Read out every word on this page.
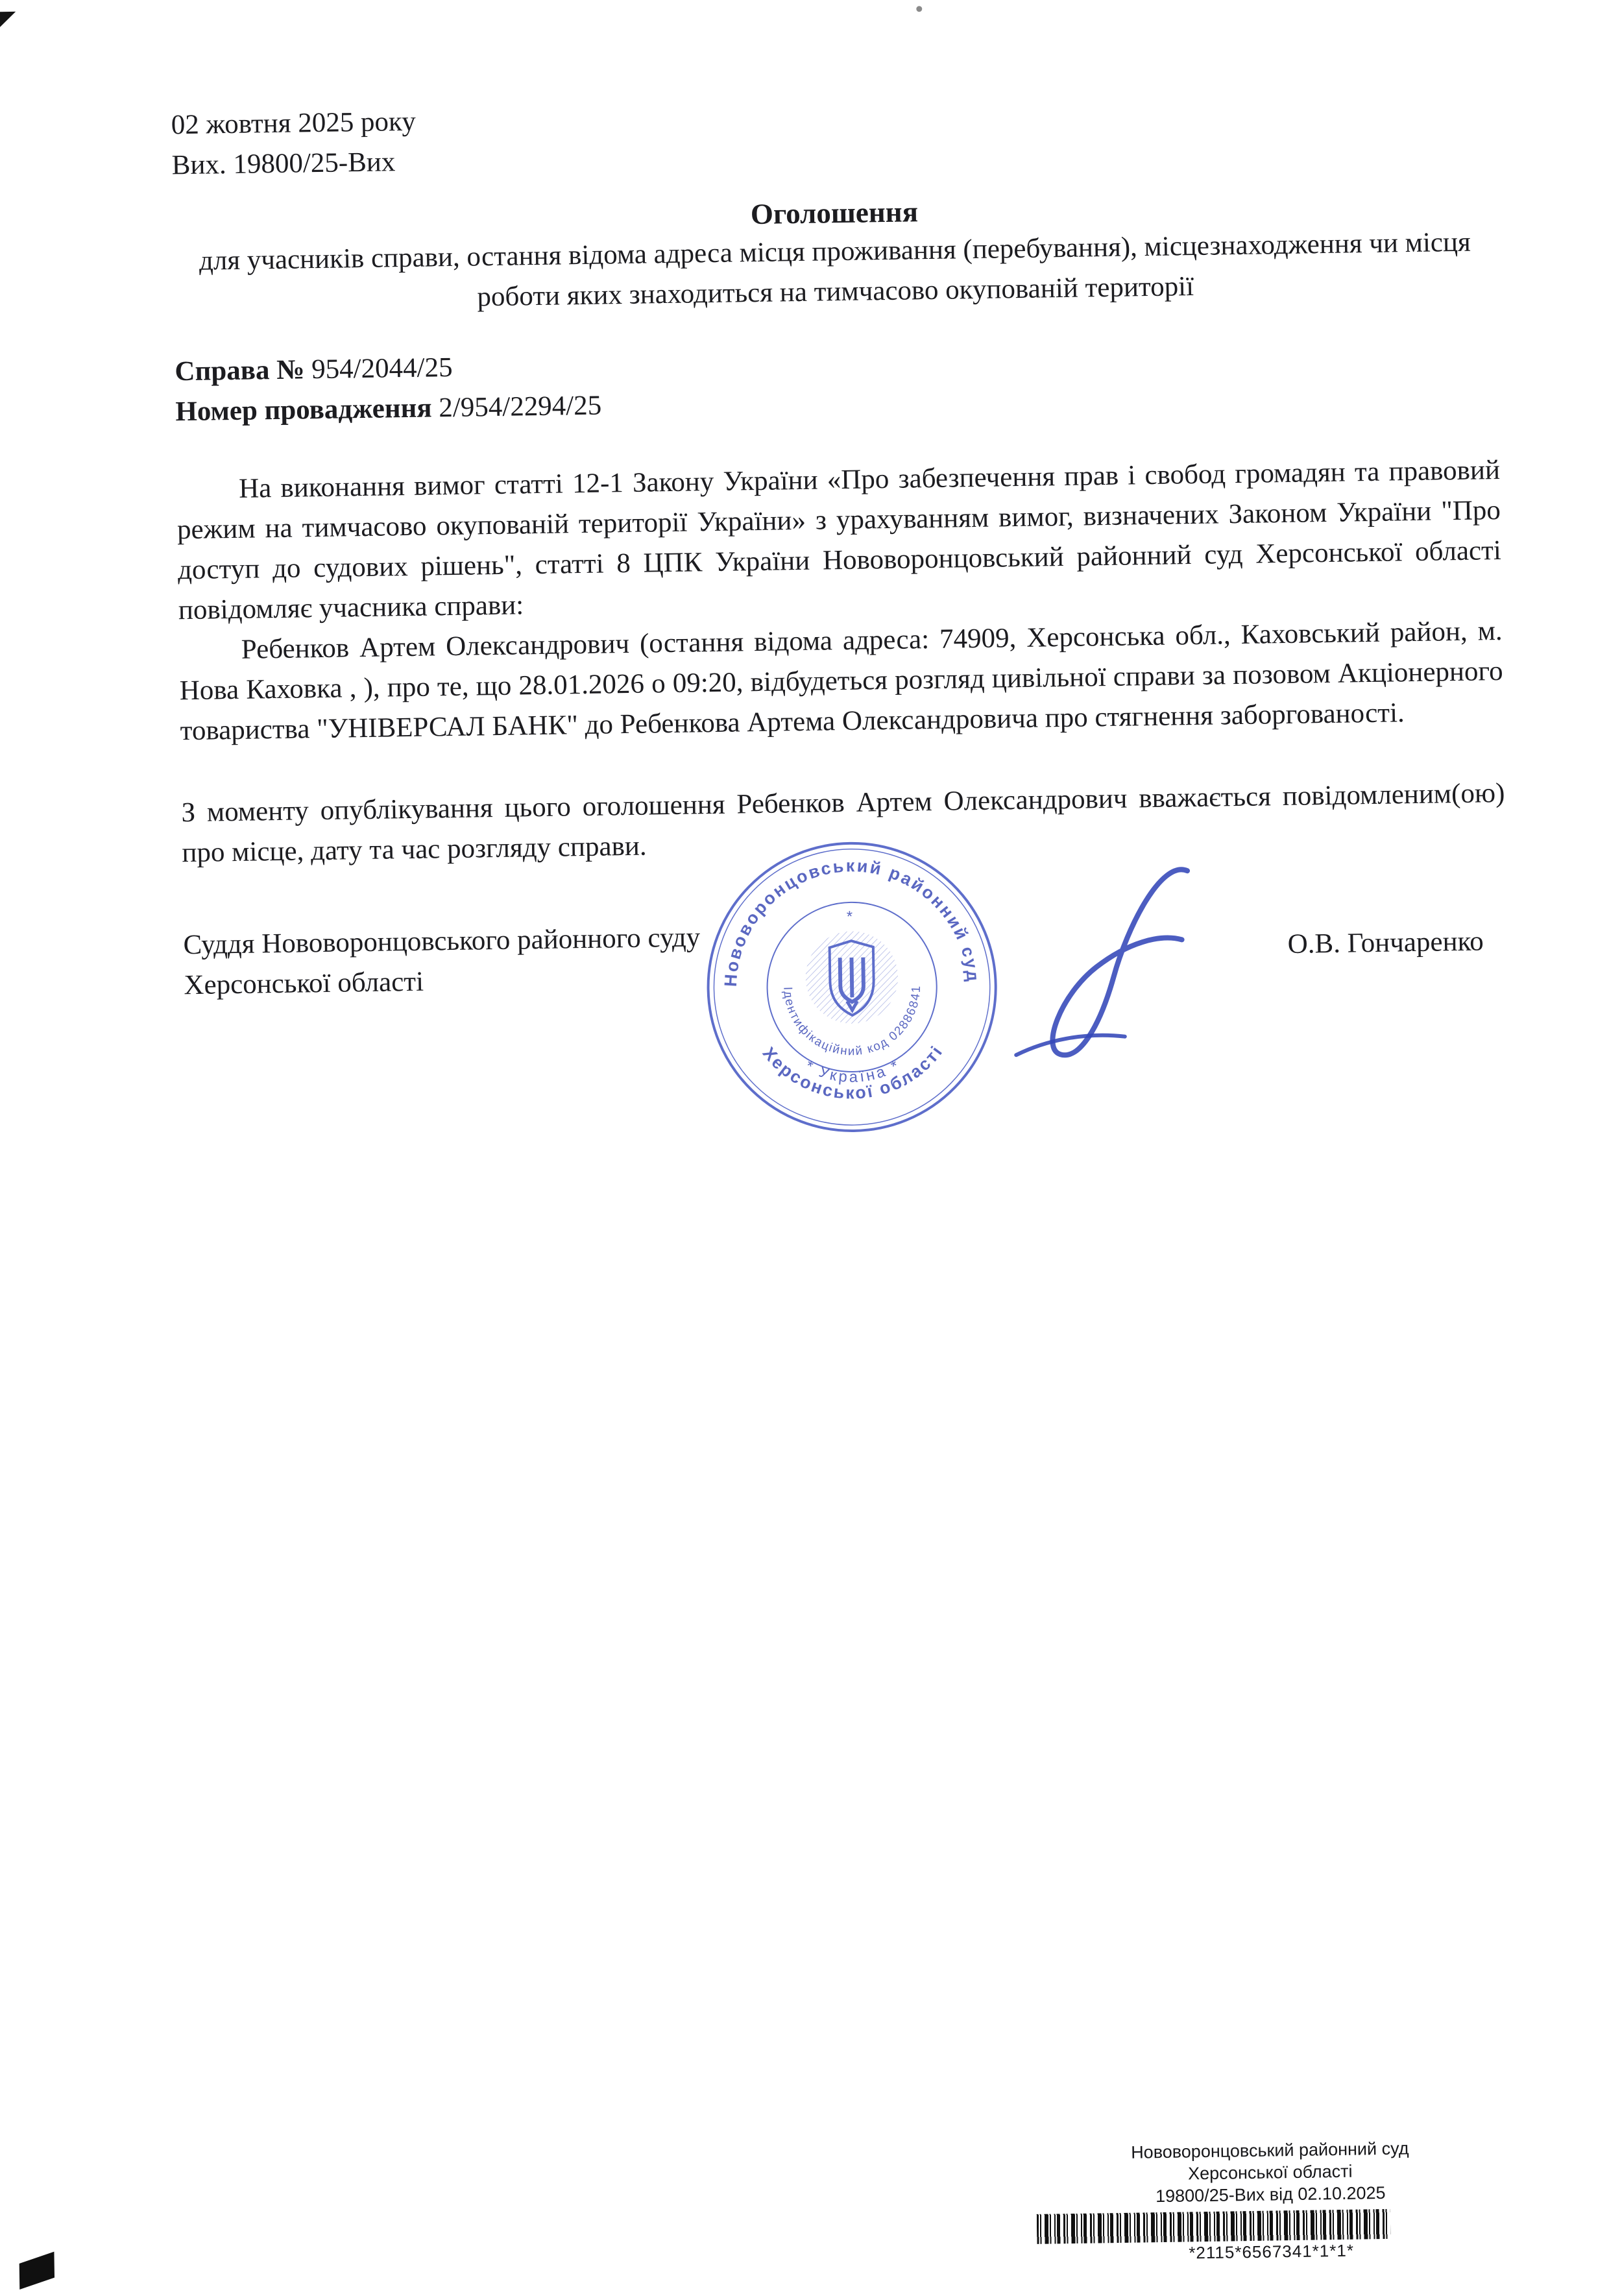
02 жовтня 2025 року

Вих. 19800/25-Вих

Оголошення

для учасників справи, остання відома адреса місця проживання (перебування), місцезнаходження чи місця роботи яких знаходиться на тимчасово окупованій території

Справа № 954/2044/25

Номер провадження 2/954/2294/25

На виконання вимог статті 12-1 Закону України «Про забезпечення прав і свобод громадян та правовий режим на тимчасово окупованій території України» з урахуванням вимог, визначених Законом України "Про доступ до судових рішень", статті 8 ЦПК України Нововоронцовський районний суд Херсонської області повідомляє учасника справи:

Ребенков Артем Олександрович (остання відома адреса: 74909, Херсонська обл., Каховський район, м. Нова Каховка , ), про те, що 28.01.2026 о 09:20, відбудеться розгляд цивільної справи за позовом Акціонерного товариства "УНІВЕРСАЛ БАНК" до Ребенкова Артема Олександровича про стягнення заборгованості.

З моменту опублікування цього оголошення Ребенков Артем Олександрович вважається повідомленим(ою) про місце, дату та час розгляду справи.

Суддя Нововоронцовського районного суду

Херсонської області

О.В. Гончаренко

Нововоронцовський районний суд
Херсонської області
* Україна *
Ідентифікаційний код 02886841
*

Нововоронцовський районний суд

Херсонської області

19800/25-Вих від 02.10.2025

*2115*6567341*1*1*
